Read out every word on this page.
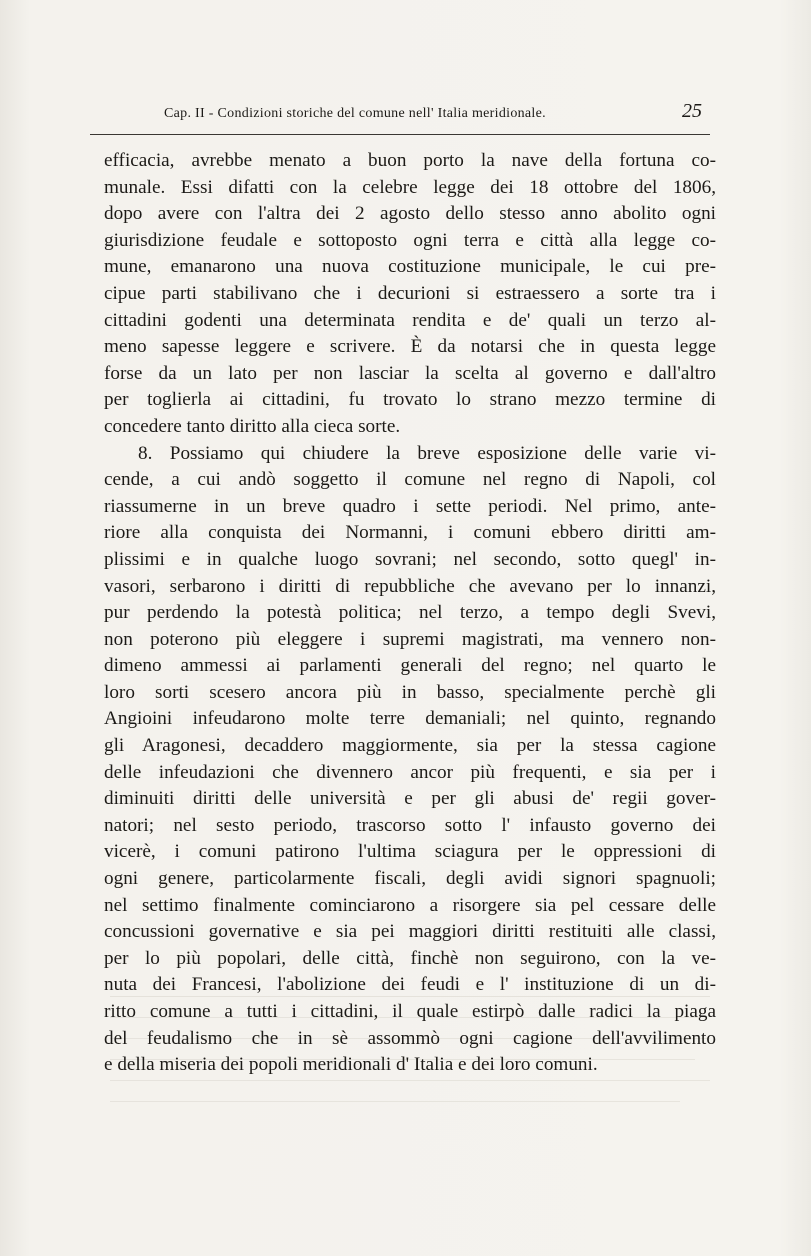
Cap. II - Condizioni storiche del comune nell' Italia meridionale.	25
efficacia, avrebbe menato a buon porto la nave della fortuna co-
munale. Essi difatti con la celebre legge dei 18 ottobre del 1806,
dopo avere con l'altra dei 2 agosto dello stesso anno abolito ogni
giurisdizione feudale e sottoposto ogni terra e città alla legge co-
mune, emanarono una nuova costituzione municipale, le cui pre-
cipue parti stabilivano che i decurioni si estraessero a sorte tra i
cittadini godenti una determinata rendita e de' quali un terzo al-
meno sapesse leggere e scrivere. È da notarsi che in questa legge
forse da un lato per non lasciar la scelta al governo e dall'altro
per toglierla ai cittadini, fu trovato lo strano mezzo termine di
concedere tanto diritto alla cieca sorte.
8. Possiamo qui chiudere la breve esposizione delle varie vi-
cende, a cui andò soggetto il comune nel regno di Napoli, col
riassumerne in un breve quadro i sette periodi. Nel primo, ante-
riore alla conquista dei Normanni, i comuni ebbero diritti am-
plissimi e in qualche luogo sovrani; nel secondo, sotto quegl' in-
vasori, serbarono i diritti di repubbliche che avevano per lo innanzi,
pur perdendo la potestà politica; nel terzo, a tempo degli Svevi,
non poterono più eleggere i supremi magistrati, ma vennero non-
dimeno ammessi ai parlamenti generali del regno; nel quarto le
loro sorti scesero ancora più in basso, specialmente perchè gli
Angioini infeudarono molte terre demaniali; nel quinto, regnando
gli Aragonesi, decaddero maggiormente, sia per la stessa cagione
delle infeudazioni che divennero ancor più frequenti, e sia per i
diminuiti diritti delle università e per gli abusi de' regii gover-
natori; nel sesto periodo, trascorso sotto l' infausto governo dei
vicerè, i comuni patirono l'ultima sciagura per le oppressioni di
ogni genere, particolarmente fiscali, degli avidi signori spagnuoli;
nel settimo finalmente cominciarono a risorgere sia pel cessare delle
concussioni governative e sia pei maggiori diritti restituiti alle classi,
per lo più popolari, delle città, finchè non seguirono, con la ve-
nuta dei Francesi, l'abolizione dei feudi e l' instituzione di un di-
ritto comune a tutti i cittadini, il quale estirpò dalle radici la piaga
del feudalismo che in sè assommò ogni cagione dell'avvilimento
e della miseria dei popoli meridionali d' Italia e dei loro comuni.
